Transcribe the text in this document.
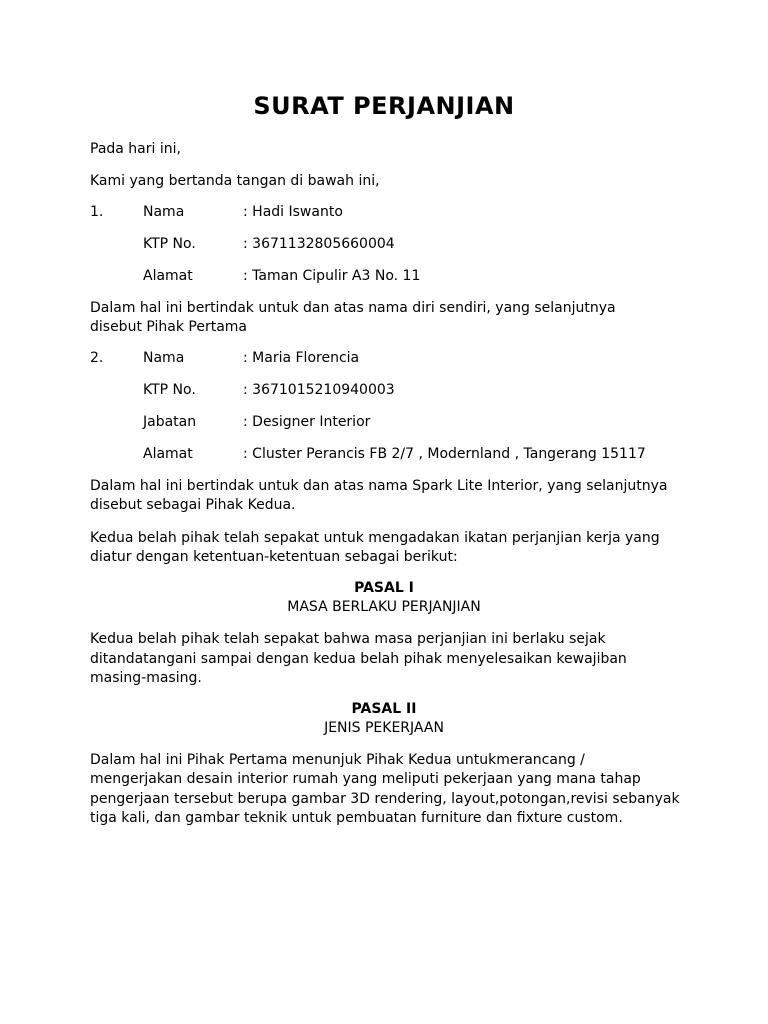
SURAT PERJANJIAN
Pada hari ini,
Kami yang bertanda tangan di bawah ini,
1.	Nama	: Hadi Iswanto
KTP No.	: 3671132805660004
Alamat	: Taman Cipulir A3 No. 11
Dalam hal ini bertindak untuk dan atas nama diri sendiri, yang selanjutnya
disebut Pihak Pertama
2.	Nama	: Maria Florencia
KTP No.	: 3671015210940003
Jabatan	: Designer Interior
Alamat	: Cluster Perancis FB 2/7 , Modernland , Tangerang 15117
Dalam hal ini bertindak untuk dan atas nama Spark Lite Interior, yang selanjutnya
disebut sebagai Pihak Kedua.
Kedua belah pihak telah sepakat untuk mengadakan ikatan perjanjian kerja yang
diatur dengan ketentuan-ketentuan sebagai berikut:
PASAL I
MASA BERLAKU PERJANJIAN
Kedua belah pihak telah sepakat bahwa masa perjanjian ini berlaku sejak
ditandatangani sampai dengan kedua belah pihak menyelesaikan kewajiban
masing-masing.
PASAL II
JENIS PEKERJAAN
Dalam hal ini Pihak Pertama menunjuk Pihak Kedua untukmerancang /
mengerjakan desain interior rumah yang meliputi pekerjaan yang mana tahap
pengerjaan tersebut berupa gambar 3D rendering, layout,potongan,revisi sebanyak
tiga kali, dan gambar teknik untuk pembuatan furniture dan fixture custom.
